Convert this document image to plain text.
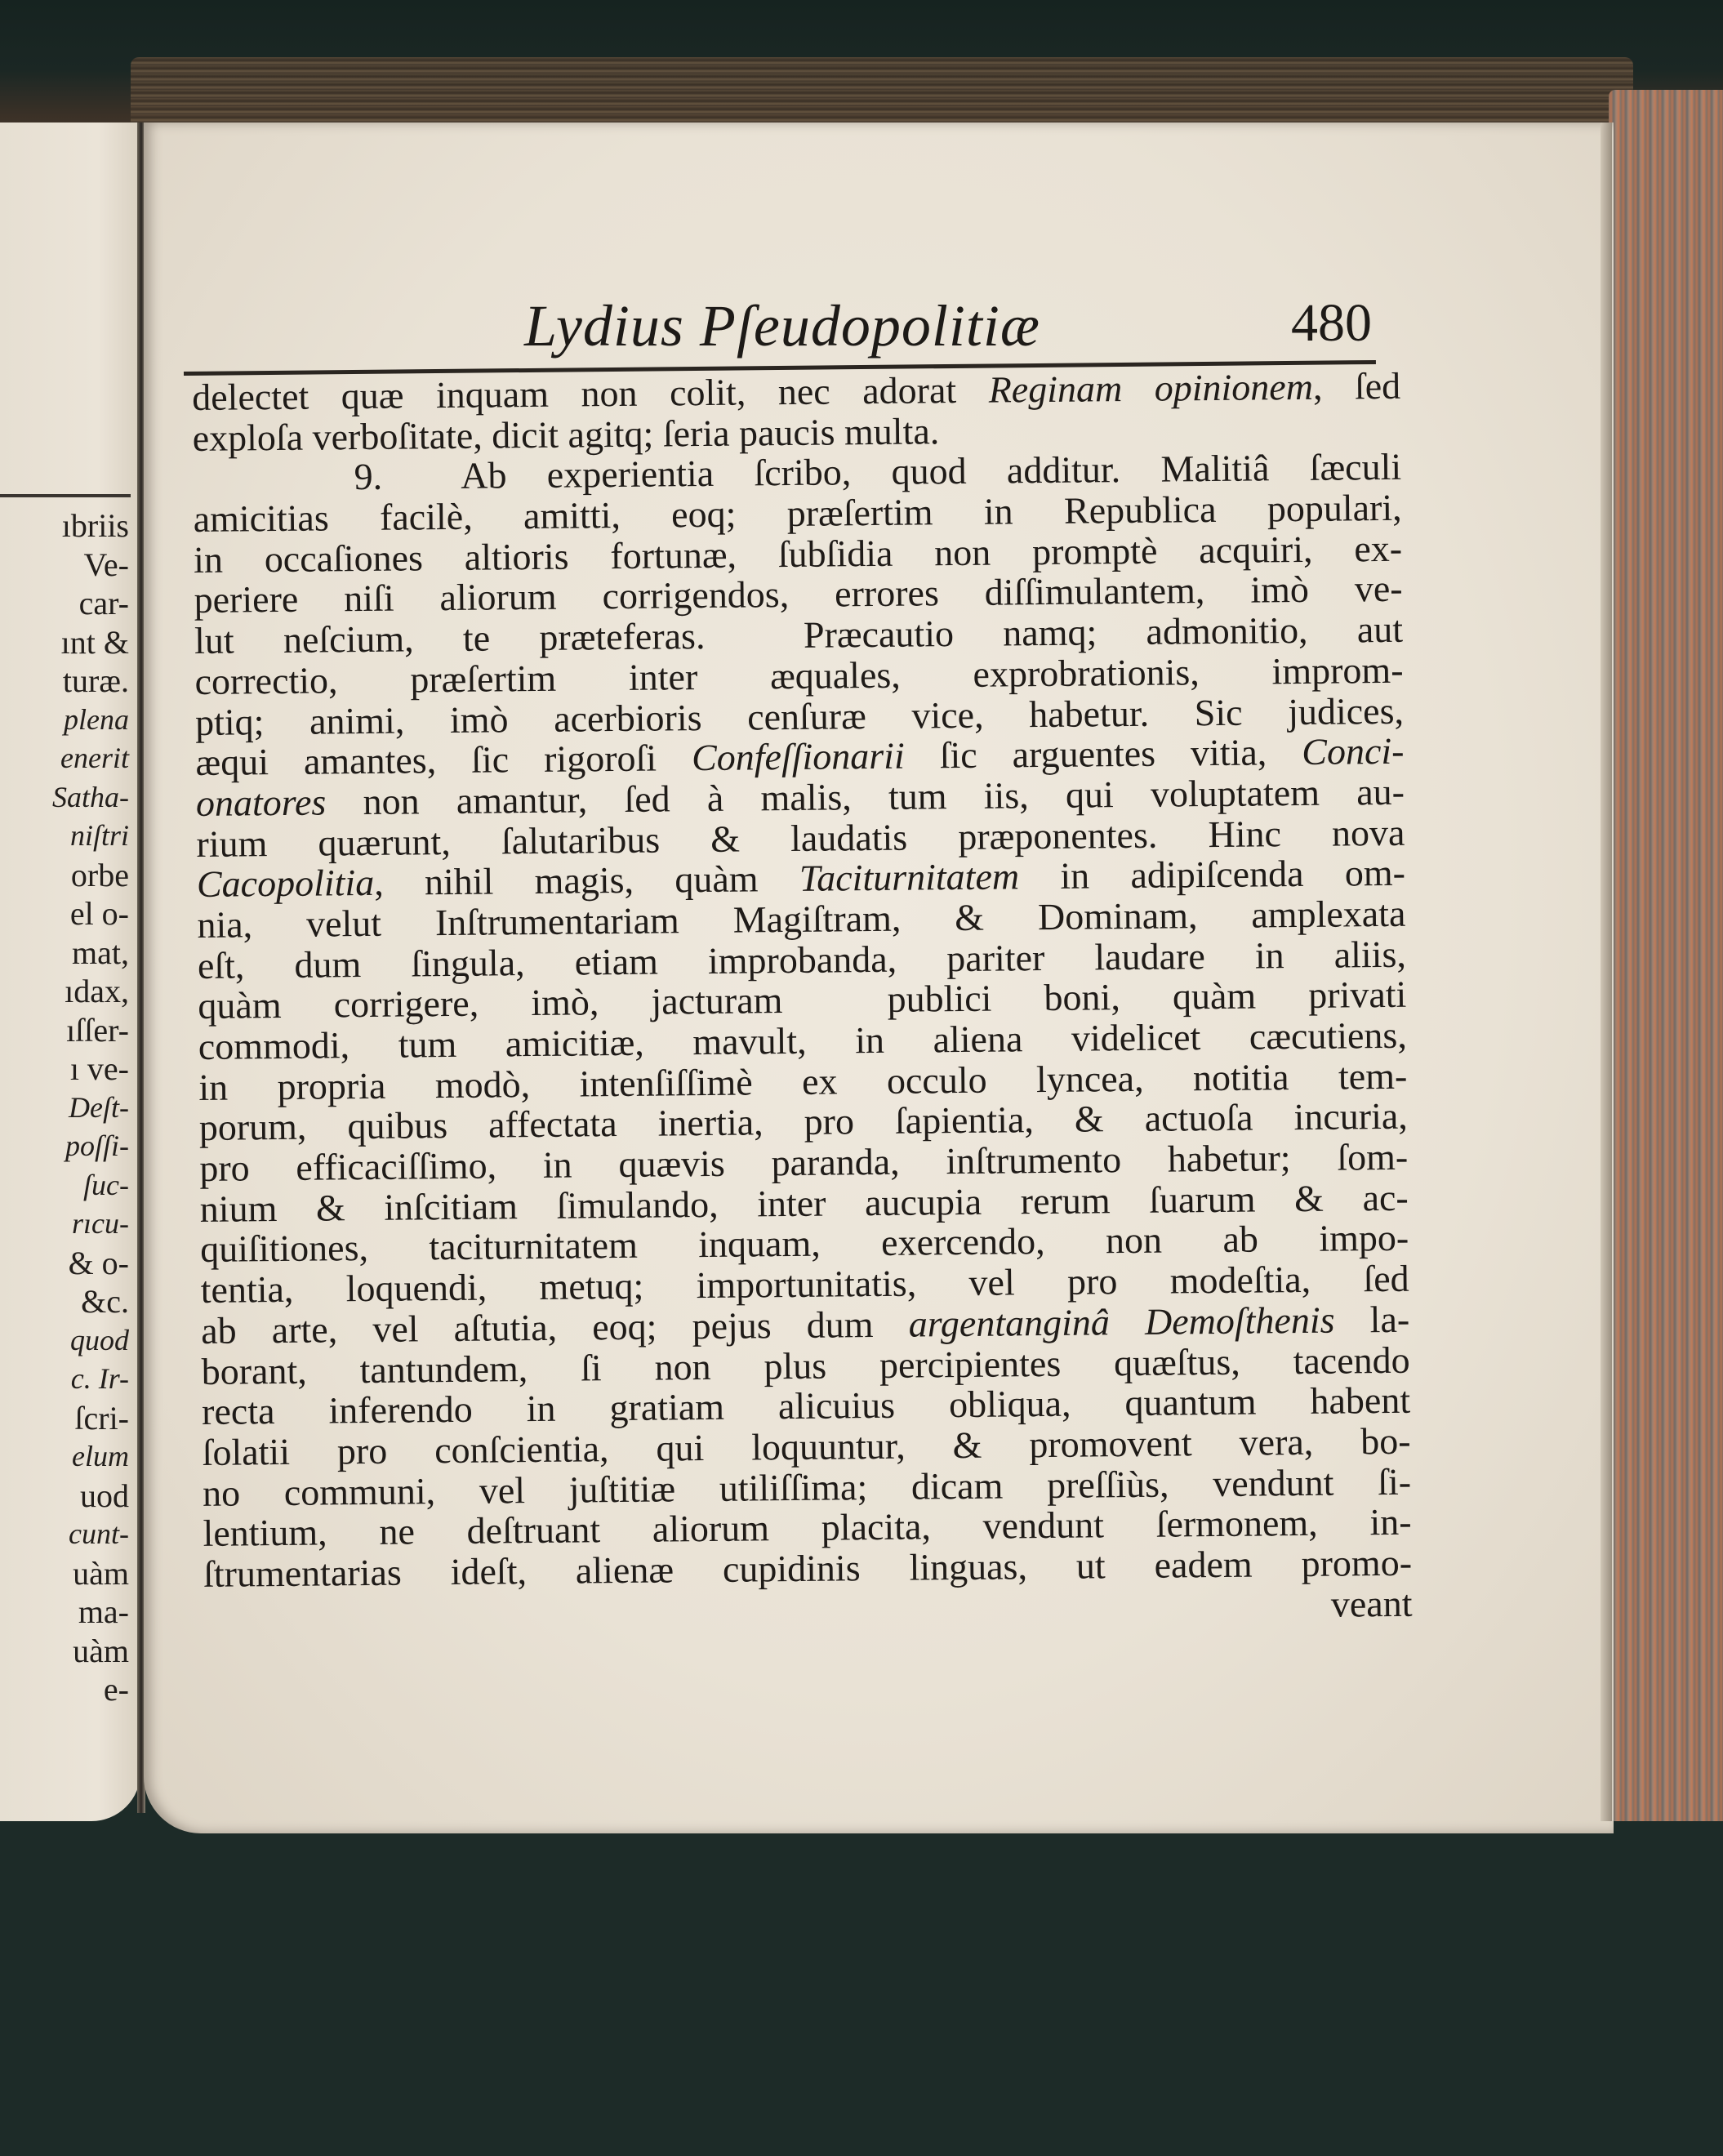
ıbriis
Ve-
car-
ınt &
turæ.
plena
enerit
Satha-
niſtri
orbe
el o-
mat,
ıdax,
ıſſer-
ı ve-
Deſt-
poſſi-
ſuc-
rıcu-
& o-
&c.
quod
c. Ir-
ſcri-
elum
uod
cunt-
uàm
ma-
uàm
e-
Lydius Pſeudopolitiæ	480
delectet quæ inquam non colit, nec adorat Reginam opinionem, ſed
exploſa verboſitate, dicit agitq; ſeria paucis multa.
9.  Ab experientia ſcribo, quod additur. Malitiâ ſæculi
amicitias facilè, amitti, eoq; præſertim in Republica populari,
in occaſiones altioris fortunæ, ſubſidia non promptè acquiri, ex-
periere niſi aliorum corrigendos, errores diſſimulantem, imò ve-
lut neſcium, te præteferas.  Præcautio namq; admonitio, aut
correctio, præſertim inter æquales, exprobrationis, improm-
ptiq; animi, imò acerbioris cenſuræ vice, habetur. Sic judices,
æqui amantes, ſic rigoroſi Confeſſionarii ſic arguentes vitia, Conci-
onatores non amantur, ſed à malis, tum iis, qui voluptatem au-
rium quærunt, ſalutaribus & laudatis præponentes. Hinc nova
Cacopolitia, nihil magis, quàm Taciturnitatem in adipiſcenda om-
nia, velut Inſtrumentariam Magiſtram, & Dominam, amplexata
eſt, dum ſingula, etiam improbanda, pariter laudare in aliis,
quàm corrigere, imò, jacturam  publici boni, quàm privati
commodi, tum amicitiæ, mavult, in aliena videlicet cæcutiens,
in propria modò, intenſiſſimè ex occulo lyncea, notitia tem-
porum, quibus affectata inertia, pro ſapientia, & actuoſa incuria,
pro efficaciſſimo, in quævis paranda, inſtrumento habetur; ſom-
nium & inſcitiam ſimulando, inter aucupia rerum ſuarum & ac-
quiſitiones, taciturnitatem inquam, exercendo, non ab impo-
tentia, loquendi, metuq; importunitatis, vel pro modeſtia, ſed
ab arte, vel aſtutia, eoq; pejus dum argentanginâ Demoſthenis la-
borant, tantundem, ſi non plus percipientes quæſtus, tacendo
recta inferendo in gratiam alicuius obliqua, quantum habent
ſolatii pro conſcientia, qui loquuntur, & promovent vera, bo-
no communi, vel juſtitiæ utiliſſima; dicam preſſiùs, vendunt ſi-
lentium, ne deſtruant aliorum placita, vendunt ſermonem, in-
ſtrumentarias ideſt, alienæ cupidinis linguas, ut eadem promo-
veant
